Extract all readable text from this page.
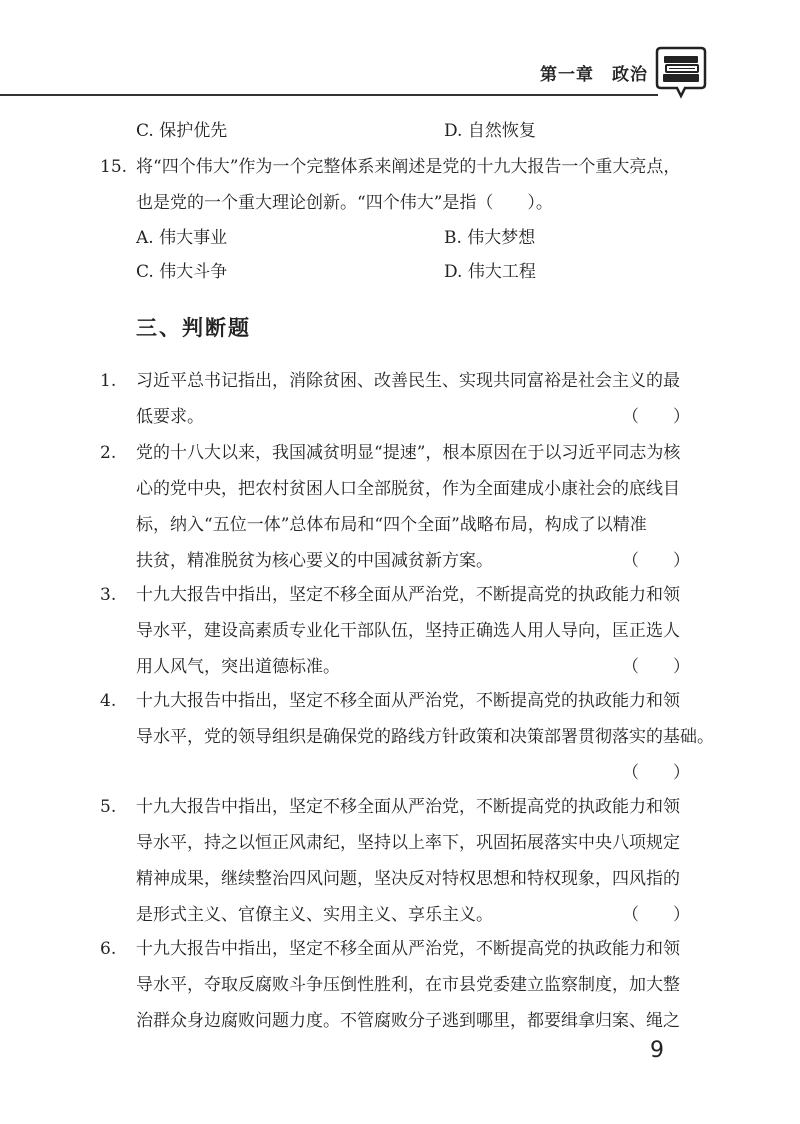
第一章　政治
C. 保护优先	D. 自然恢复
15. 将“四个伟大”作为一个完整体系来阐述是党的十九大报告一个重大亮点，
也是党的一个重大理论创新。“四个伟大”是指（　　）。
A. 伟大事业	B. 伟大梦想
C. 伟大斗争	D. 伟大工程
三、判断题
1.	习近平总书记指出，消除贫困、改善民生、实现共同富裕是社会主义的最
低要求。	（　　）
2.	党的十八大以来，我国减贫明显“提速”，根本原因在于以习近平同志为核
心的党中央，把农村贫困人口全部脱贫，作为全面建成小康社会的底线目
标，纳入“五位一体”总体布局和“四个全面”战略布局，构成了以精准
扶贫，精准脱贫为核心要义的中国减贫新方案。	（　　）
3.	十九大报告中指出，坚定不移全面从严治党，不断提高党的执政能力和领
导水平，建设高素质专业化干部队伍，坚持正确选人用人导向，匡正选人
用人风气，突出道德标准。	（　　）
4.	十九大报告中指出，坚定不移全面从严治党，不断提高党的执政能力和领
导水平，党的领导组织是确保党的路线方针政策和决策部署贯彻落实的基础。
（　　）
5.	十九大报告中指出，坚定不移全面从严治党，不断提高党的执政能力和领
导水平，持之以恒正风肃纪，坚持以上率下，巩固拓展落实中央八项规定
精神成果，继续整治四风问题，坚决反对特权思想和特权现象，四风指的
是形式主义、官僚主义、实用主义、享乐主义。	（　　）
6.	十九大报告中指出，坚定不移全面从严治党，不断提高党的执政能力和领
导水平，夺取反腐败斗争压倒性胜利，在市县党委建立监察制度，加大整
治群众身边腐败问题力度。不管腐败分子逃到哪里，都要缉拿归案、绳之
9
